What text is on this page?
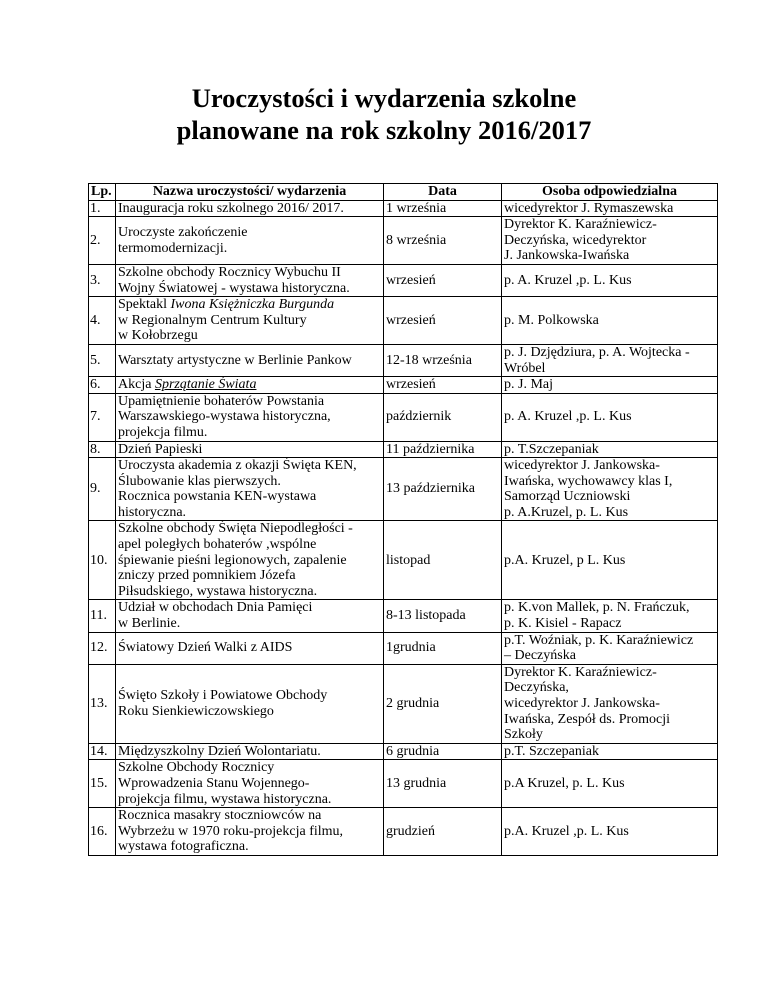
Uroczystości i wydarzenia szkolne
planowane na rok szkolny 2016/2017
Lp.	Nazwa uroczystości/ wydarzenia	Data	Osoba odpowiedzialna
1.	Inauguracja roku szkolnego 2016/ 2017.	1 września	wicedyrektor J. Rymaszewska

2.	Uroczyste zakończenie
termomodernizacji.	8 września	Dyrektor K. Karaźniewicz-
Deczyńska, wicedyrektor
J. Jankowska-Iwańska

3.	Szkolne obchody Rocznicy Wybuchu II
Wojny Światowej - wystawa historyczna.	wrzesień	p. A. Kruzel ,p. L. Kus

4.	Spektakl Iwona Księżniczka Burgunda
w Regionalnym Centrum Kultury
w Kołobrzegu	wrzesień	p. M. Polkowska

5.	Warsztaty artystyczne w Berlinie Pankow	12-18 września	p. J. Dzjędziura, p. A. Wojtecka -
Wróbel

6.	Akcja Sprzątanie Świata	wrzesień	p. J. Maj

7.	Upamiętnienie bohaterów Powstania
Warszawskiego-wystawa historyczna,
projekcja filmu.	październik	p. A. Kruzel ,p. L. Kus

8.	Dzień Papieski	11 października	p. T.Szczepaniak

9.	Uroczysta akademia z okazji Święta KEN,
Ślubowanie klas pierwszych.
Rocznica powstania KEN-wystawa
historyczna.	13 października	wicedyrektor J. Jankowska-
Iwańska, wychowawcy klas I,
Samorząd Uczniowski
p. A.Kruzel, p. L. Kus

10.	Szkolne obchody Święta Niepodległości -
apel poległych bohaterów ,wspólne
śpiewanie pieśni legionowych, zapalenie
zniczy przed pomnikiem Józefa
Piłsudskiego, wystawa historyczna.	listopad	p.A. Kruzel, p L. Kus

11.	Udział w obchodach Dnia Pamięci
w Berlinie.	8-13 listopada	p. K.von Mallek, p. N. Frańczuk,
p. K. Kisiel - Rapacz

12.	Światowy Dzień Walki z AIDS	1grudnia	p.T. Woźniak, p. K. Karaźniewicz
– Deczyńska

13.	Święto Szkoły i Powiatowe Obchody
Roku Sienkiewiczowskiego	2 grudnia	Dyrektor K. Karaźniewicz-
Deczyńska,
wicedyrektor J. Jankowska-
Iwańska, Zespół ds. Promocji
Szkoły

14.	Międzyszkolny Dzień Wolontariatu.	6 grudnia	p.T. Szczepaniak

15.	Szkolne Obchody Rocznicy
Wprowadzenia Stanu Wojennego-
projekcja filmu, wystawa historyczna.	13 grudnia	p.A Kruzel, p. L. Kus

16.	Rocznica masakry stoczniowców na
Wybrzeżu w 1970 roku-projekcja filmu,
wystawa fotograficzna.	grudzień	p.A. Kruzel ,p. L. Kus
